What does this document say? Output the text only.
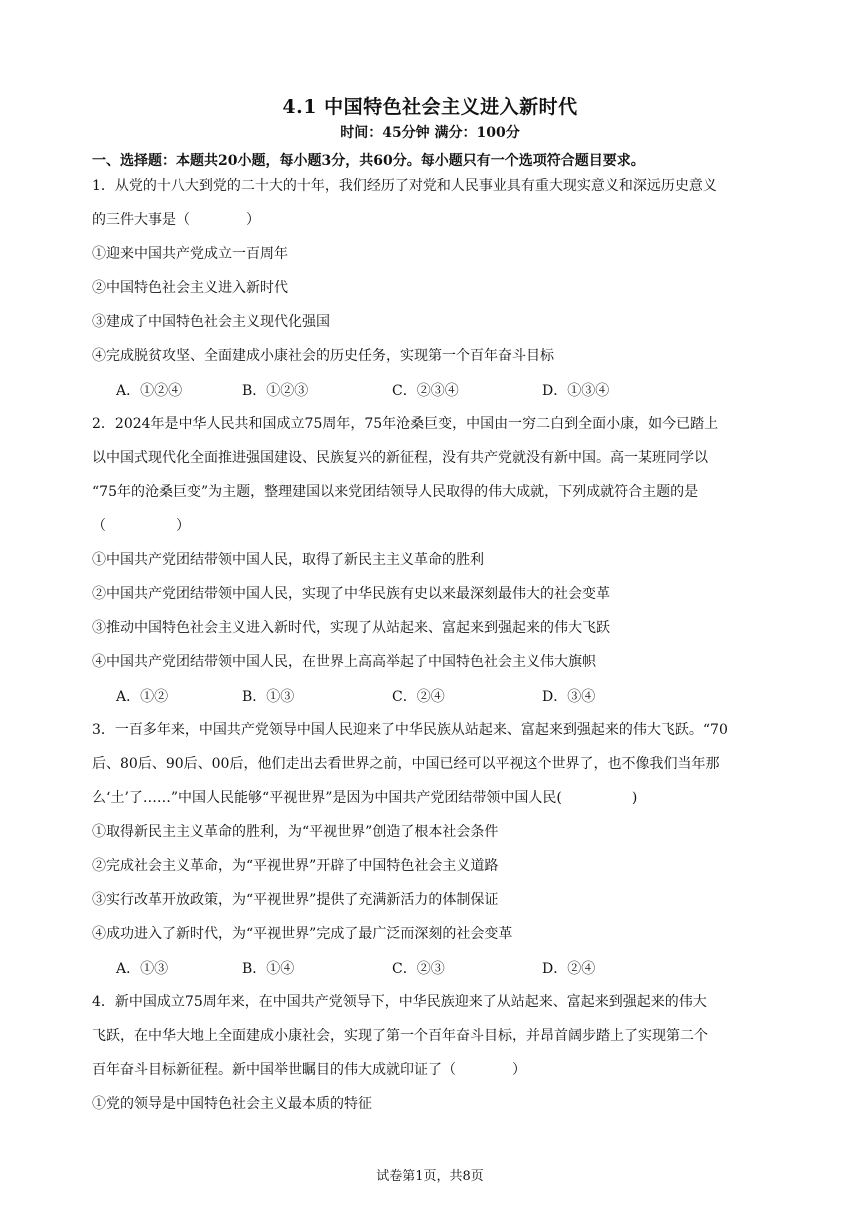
4.1 中国特色社会主义进入新时代
时间：45分钟 满分：100分
一、选择题：本题共20小题，每小题3分，共60分。每小题只有一个选项符合题目要求。
1．从党的十八大到党的二十大的十年，我们经历了对党和人民事业具有重大现实意义和深远历史意义
的三件大事是（　　　　）
①迎来中国共产党成立一百周年
②中国特色社会主义进入新时代
③建成了中国特色社会主义现代化强国
④完成脱贫攻坚、全面建成小康社会的历史任务，实现第一个百年奋斗目标
A．①②④	B．①②③	C．②③④	D．①③④
2．2024年是中华人民共和国成立75周年，75年沧桑巨变，中国由一穷二白到全面小康，如今已踏上
以中国式现代化全面推进强国建设、民族复兴的新征程，没有共产党就没有新中国。高一某班同学以
“75年的沧桑巨变”为主题，整理建国以来党团结领导人民取得的伟大成就，下列成就符合主题的是
（　　　　　）
①中国共产党团结带领中国人民，取得了新民主主义革命的胜利
②中国共产党团结带领中国人民，实现了中华民族有史以来最深刻最伟大的社会变革
③推动中国特色社会主义进入新时代，实现了从站起来、富起来到强起来的伟大飞跃
④中国共产党团结带领中国人民，在世界上高高举起了中国特色社会主义伟大旗帜
A．①②	B．①③	C．②④	D．③④
3．一百多年来，中国共产党领导中国人民迎来了中华民族从站起来、富起来到强起来的伟大飞跃。“70
后、80后、90后、00后，他们走出去看世界之前，中国已经可以平视这个世界了，也不像我们当年那
么‘土’了……”中国人民能够“平视世界”是因为中国共产党团结带领中国人民(　　　　　)
①取得新民主主义革命的胜利，为“平视世界”创造了根本社会条件
②完成社会主义革命，为“平视世界”开辟了中国特色社会主义道路
③实行改革开放政策，为“平视世界”提供了充满新活力的体制保证
④成功进入了新时代，为“平视世界”完成了最广泛而深刻的社会变革
A．①③	B．①④	C．②③	D．②④
4．新中国成立75周年来，在中国共产党领导下，中华民族迎来了从站起来、富起来到强起来的伟大
飞跃，在中华大地上全面建成小康社会，实现了第一个百年奋斗目标，并昂首阔步踏上了实现第二个
百年奋斗目标新征程。新中国举世瞩目的伟大成就印证了（　　　　）
①党的领导是中国特色社会主义最本质的特征
试卷第1页，共8页
